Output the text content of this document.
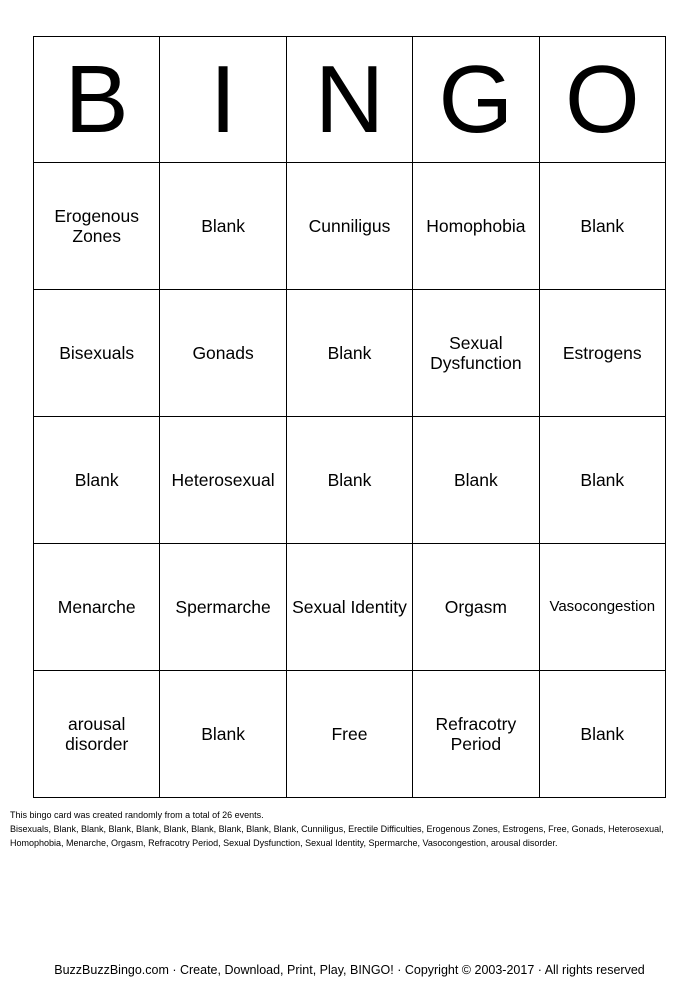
B	I	N	G	O
Erogenous Zones	Blank	Cunniligus	Homophobia	Blank
Bisexuals	Gonads	Blank	Sexual Dysfunction	Estrogens
Blank	Heterosexual	Blank	Blank	Blank
Menarche	Spermarche	Sexual Identity	Orgasm	Vasocongestion
arousal disorder	Blank	Free	Refracotry Period	Blank

This bingo card was created randomly from a total of 26 events.

Bisexuals, Blank, Blank, Blank, Blank, Blank, Blank, Blank, Blank, Blank, Cunniligus, Erectile Difficulties, Erogenous Zones, Estrogens, Free, Gonads, Heterosexual, Homophobia, Menarche, Orgasm, Refracotry Period, Sexual Dysfunction, Sexual Identity, Spermarche, Vasocongestion, arousal disorder.

BuzzBuzzBingo.com · Create, Download, Print, Play, BINGO! · Copyright © 2003-2017 · All rights reserved
